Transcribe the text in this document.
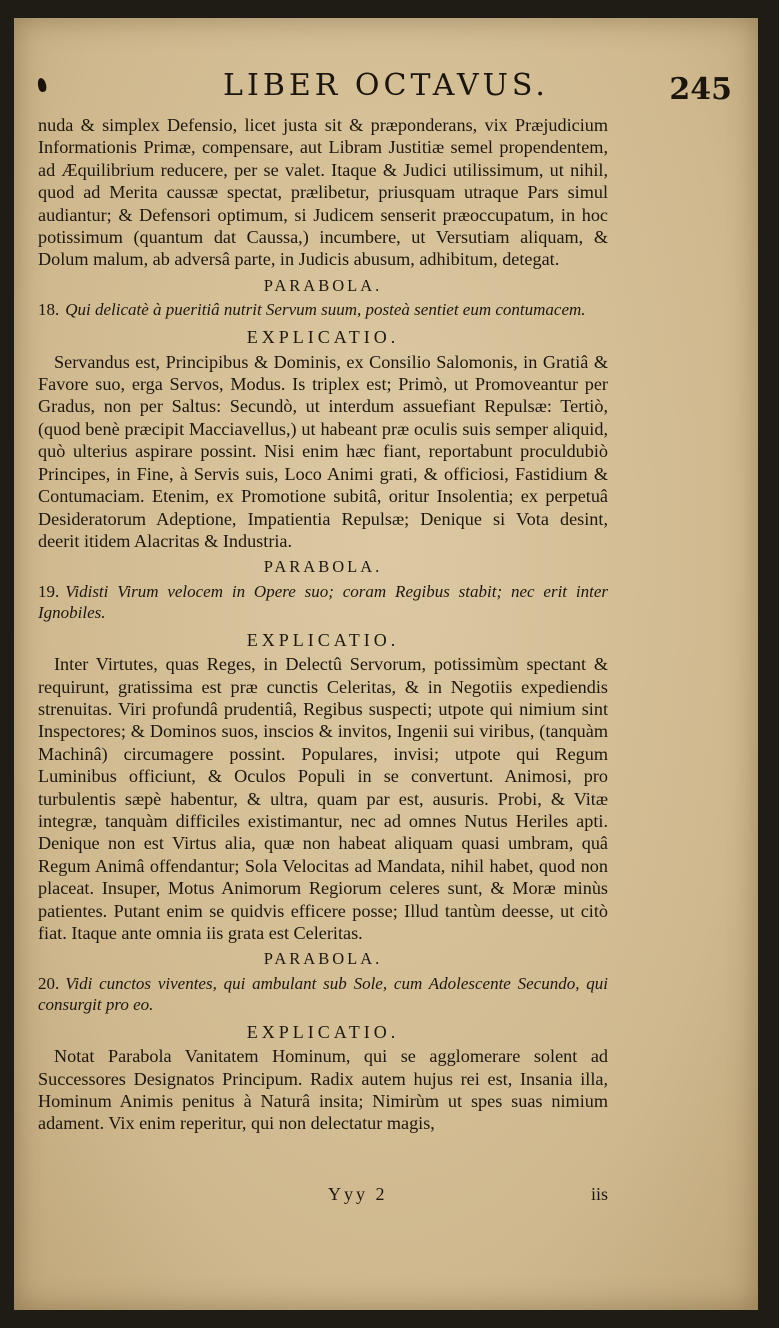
LIBER OCTAVUS.	245

nuda & simplex Defensio, licet justa sit & præponderans, vix Præjudicium Informationis Primæ, compensare, aut Libram Justitiæ semel propendentem, ad Æquilibrium reducere, per se valet. Itaque & Judici utilissimum, ut nihil, quod ad Merita caussæ spectat, prælibetur, priusquam utraque Pars simul audiantur; & Defensori optimum, si Judicem senserit præoccupatum, in hoc potissimum (quantum dat Caussa,) incumbere, ut Versutiam aliquam, & Dolum malum, ab adversâ parte, in Judicis abusum, adhibitum, detegat.

PARABOLA.

18. Qui delicatè à pueritiâ nutrit Servum suum, posteà sentiet eum contumacem.

EXPLICATIO.

Servandus est, Principibus & Dominis, ex Consilio Salomonis, in Gratiâ & Favore suo, erga Servos, Modus. Is triplex est; Primò, ut Promoveantur per Gradus, non per Saltus: Secundò, ut interdum assuefiant Repulsæ: Tertiò, (quod benè præcipit Macciavellus,) ut habeant præ oculis suis semper aliquid, quò ulterius aspirare possint. Nisi enim hæc fiant, reportabunt proculdubiò Principes, in Fine, à Servis suis, Loco Animi grati, & officiosi, Fastidium & Contumaciam. Etenim, ex Promotione subitâ, oritur Insolentia; ex perpetuâ Desideratorum Adeptione, Impatientia Repulsæ; Denique si Vota desint, deerit itidem Alacritas & Industria.

PARABOLA.

19. Vidisti Virum velocem in Opere suo; coram Regibus stabit; nec erit inter Ignobiles.

EXPLICATIO.

Inter Virtutes, quas Reges, in Delectû Servorum, potissimùm spectant & requirunt, gratissima est præ cunctis Celeritas, & in Negotiis expediendis strenuitas. Viri profundâ prudentiâ, Regibus suspecti; utpote qui nimium sint Inspectores; & Dominos suos, inscios & invitos, Ingenii sui viribus, (tanquàm Machinâ) circumagere possint. Populares, invisi; utpote qui Regum Luminibus officiunt, & Oculos Populi in se convertunt. Animosi, pro turbulentis sæpè habentur, & ultra, quam par est, ausuris. Probi, & Vitæ integræ, tanquàm difficiles existimantur, nec ad omnes Nutus Heriles apti. Denique non est Virtus alia, quæ non habeat aliquam quasi umbram, quâ Regum Animâ offendantur; Sola Velocitas ad Mandata, nihil habet, quod non placeat. Insuper, Motus Animorum Regiorum celeres sunt, & Moræ minùs patientes. Putant enim se quidvis efficere posse; Illud tantùm deesse, ut citò fiat. Itaque ante omnia iis grata est Celeritas.

PARABOLA.

20. Vidi cunctos viventes, qui ambulant sub Sole, cum Adolescente Secundo, qui consurgit pro eo.

EXPLICATIO.

Notat Parabola Vanitatem Hominum, qui se agglomerare solent ad Successores Designatos Principum. Radix autem hujus rei est, Insania illa, Hominum Animis penitus à Naturâ insita; Nimirùm ut spes suas nimium adament. Vix enim reperitur, qui non delectatur magis,

Yyy 2	iis
